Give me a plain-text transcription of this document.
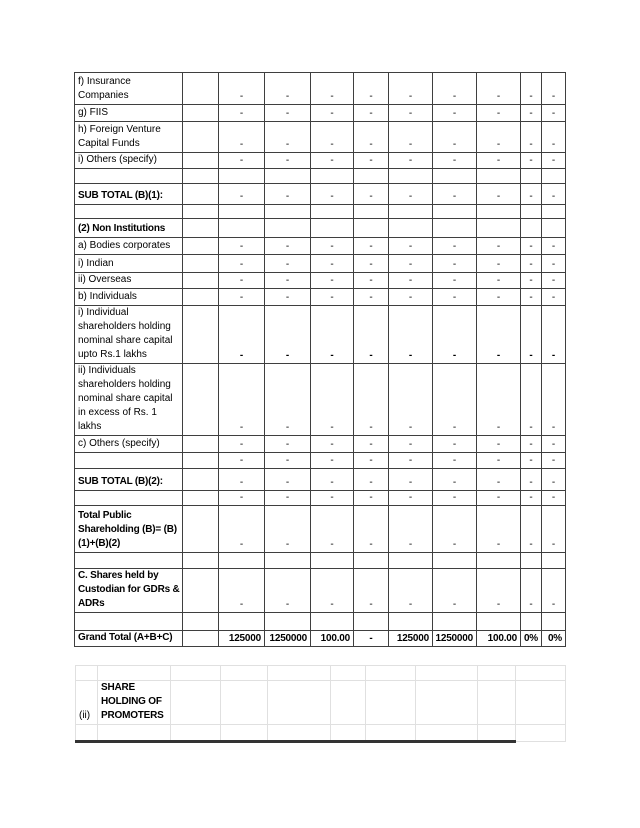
f) Insurance Companies		-	-	-	-	-	-	-	-	-
g) FIIS		-	-	-	-	-	-	-	-	-
h) Foreign Venture Capital Funds		-	-	-	-	-	-	-	-	-
i) Others (specify)		-	-	-	-	-	-	-	-	-

SUB TOTAL (B)(1):		-	-	-	-	-	-	-	-	-

(2) Non Institutions										
a) Bodies corporates		-	-	-	-	-	-	-	-	-
i) Indian		-	-	-	-	-	-	-	-	-
ii) Overseas		-	-	-	-	-	-	-	-	-
b) Individuals		-	-	-	-	-	-	-	-	-
i) Individual shareholders holding nominal share capital upto Rs.1 lakhs		-	-	-	-	-	-	-	-	-
ii) Individuals shareholders holding nominal share capital in excess of Rs. 1 lakhs		-	-	-	-	-	-	-	-	-
c) Others (specify)		-	-	-	-	-	-	-	-	-
		-	-	-	-	-	-	-	-	-
SUB TOTAL (B)(2):		-	-	-	-	-	-	-	-	-
		-	-	-	-	-	-	-	-	-
Total Public Shareholding (B)= (B)(1)+(B)(2)		-	-	-	-	-	-	-	-	-

C. Shares held by Custodian for GDRs & ADRs		-	-	-	-	-	-	-	-	-

Grand Total (A+B+C)		125000	1250000	100.00	-	125000	1250000	100.00	0%	0%

(ii)	SHARE HOLDING OF PROMOTERS								
